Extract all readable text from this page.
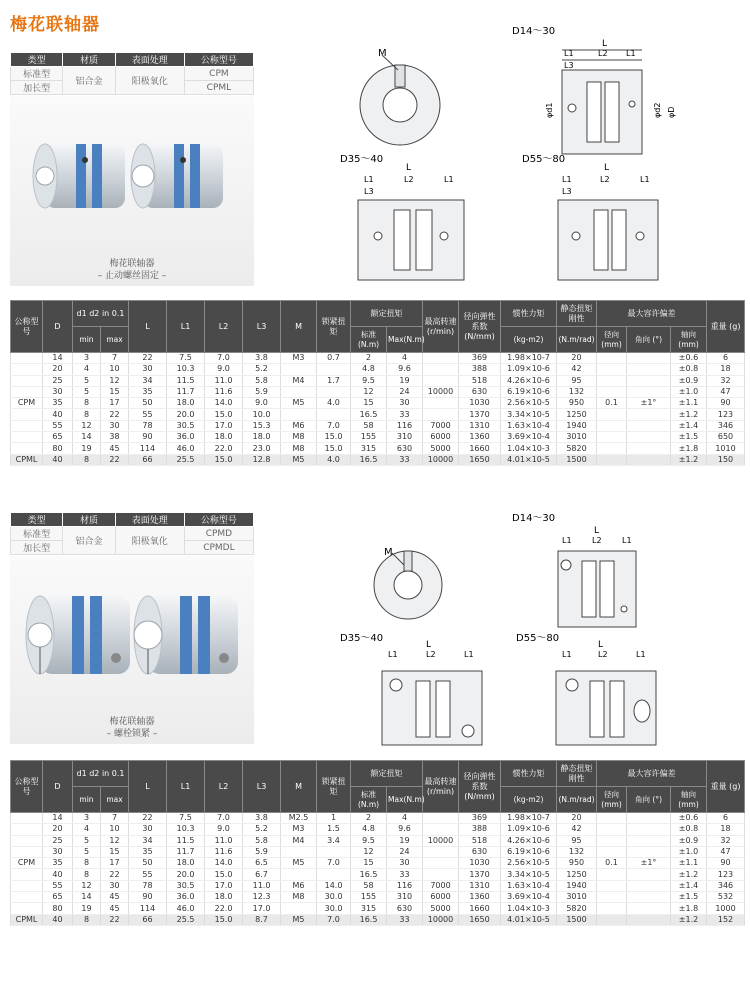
梅花联轴器
类型	材质	表面处理	公称型号
标准型	铝合金	阳极氧化	CPM
加长型			CPML
梅花联轴器
– 止动螺丝固定 –
M
D14～30
L
L1	L2 L1
L3
φd1	φd2 φD
D35～40
L
L1	L2	L1
L3
D55～80
L
L1	L2	L1
L3
公称型号	D	d1 d2 in 0.1		L	L1	L2	L3	M	锁紧扭矩	额定扭矩		最高转速(r/min)	径向弹性系数(N/mm)	惯性力矩	静态扭矩刚性	最大容许偏差			重量 (g)
		min	max							标准(N.m)	Max(N.m)			(kg-m2)	(N.m/rad)	径向(mm)	角向 (°)	轴向(mm)	
	14	3	7	22	7.5	7.0	3.8	M3	0.7	2	4		369	1.98×10-7	20			±0.6	6
	20	4	10	30	10.3	9.0	5.2			4.8	9.6		388	1.09×10-6	42			±0.8	18
	25	5	12	34	11.5	11.0	5.8	M4	1.7	9.5	19		518	4.26×10-6	95			±0.9	32
	30	5	15	35	11.7	11.6	5.9			12	24	10000	630	6.19×10-6	132			±1.0	47
CPM	35	8	17	50	18.0	14.0	9.0	M5	4.0	15	30		1030	2.56×10-5	950	0.1	±1°	±1.1	90
	40	8	22	55	20.0	15.0	10.0			16.5	33		1370	3.34×10-5	1250			±1.2	123
	55	12	30	78	30.5	17.0	15.3	M6	7.0	58	116	7000	1310	1.63×10-4	1940			±1.4	346
	65	14	38	90	36.0	18.0	18.0	M8	15.0	155	310	6000	1360	3.69×10-4	3010			±1.5	650
	80	19	45	114	46.0	22.0	23.0	M8	15.0	315	630	5000	1660	1.04×10-3	5820			±1.8	1010
CPML	40	8	22	66	25.5	15.0	12.8	M5	4.0	16.5	33	10000	1650	4.01×10-5	1500			±1.2	150
类型	材质	表面处理	公称型号
标准型	铝合金	阳极氧化	CPMD
加长型			CPMDL
梅花联轴器
– 螺栓锁紧 –
M
D14～30
L
L1	L2	L1
D35～40
L
L1	L2	L1
D55～80
L
L1	L2	L1
公称型号	D	d1 d2 in 0.1		L	L1	L2	L3	M	锁紧扭矩	额定扭矩		最高转速(r/min)	径向弹性系数(N/mm)	惯性力矩	静态扭矩刚性	最大容许偏差			重量 (g)
		min	max							标准(N.m)	Max(N.m)			(kg-m2)	(N.m/rad)	径向(mm)	角向 (°)	轴向(mm)	
	14	3	7	22	7.5	7.0	3.8	M2.5	1	2	4		369	1.98×10-7	20			±0.6	6
	20	4	10	30	10.3	9.0	5.2	M3	1.5	4.8	9.6		388	1.09×10-6	42			±0.8	18
	25	5	12	34	11.5	11.0	5.8	M4	3.4	9.5	19	10000	518	4.26×10-6	95			±0.9	32
	30	5	15	35	11.7	11.6	5.9			12	24		630	6.19×10-6	132			±1.0	47
CPM	35	8	17	50	18.0	14.0	6.5	M5	7.0	15	30		1030	2.56×10-5	950	0.1	±1°	±1.1	90
	40	8	22	55	20.0	15.0	6.7			16.5	33		1370	3.34×10-5	1250			±1.2	123
	55	12	30	78	30.5	17.0	11.0	M6	14.0	58	116	7000	1310	1.63×10-4	1940			±1.4	346
	65	14	45	90	36.0	18.0	12.3	M8	30.0	155	310	6000	1360	3.69×10-4	3010			±1.5	532
	80	19	45	114	46.0	22.0	17.0		30.0	315	630	5000	1660	1.04×10-3	5820			±1.8	1000
CPML	40	8	22	66	25.5	15.0	8.7	M5	7.0	16.5	33	10000	1650	4.01×10-5	1500			±1.2	152
